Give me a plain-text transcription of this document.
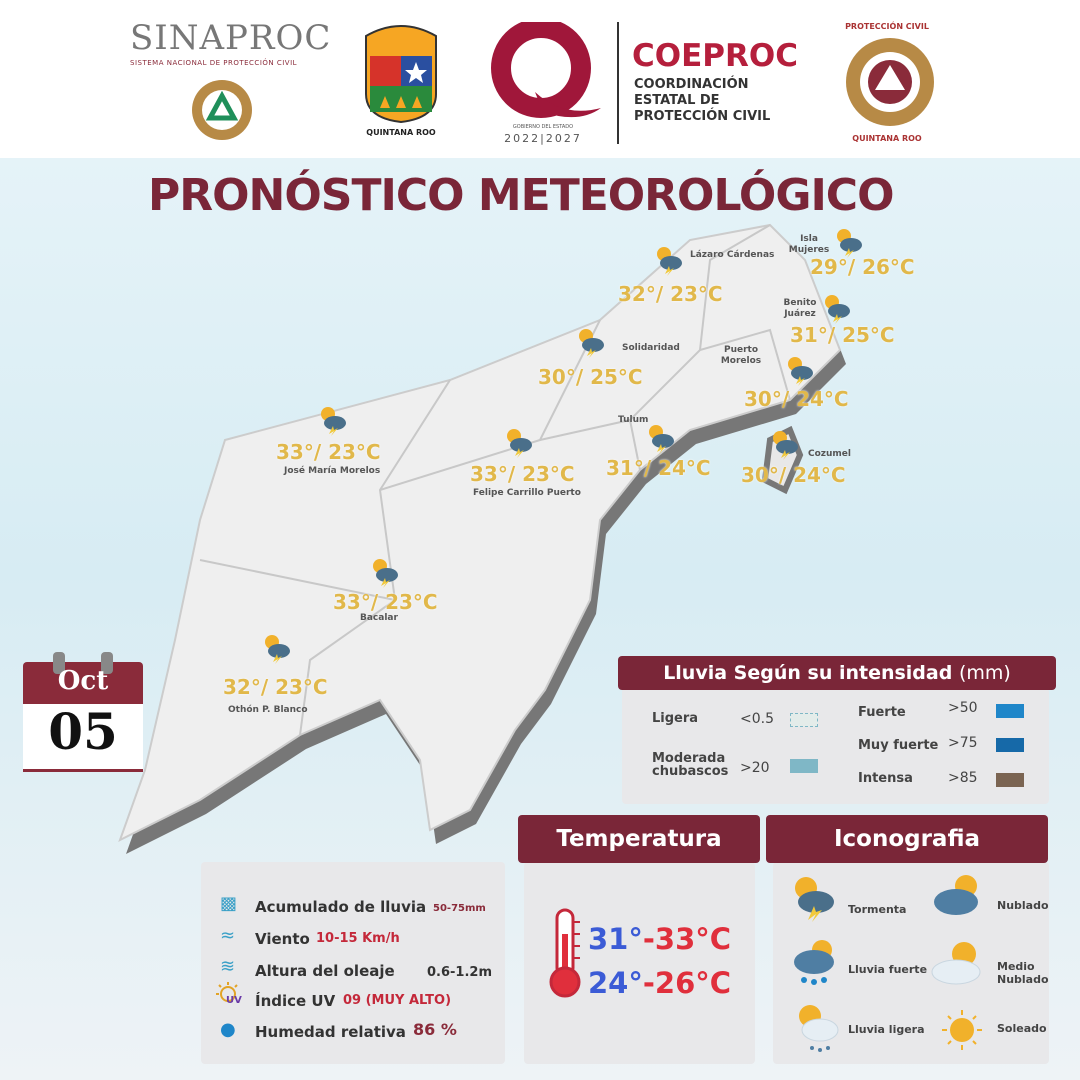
SINAPROC
SISTEMA NACIONAL DE PROTECCIÓN CIVIL
QUINTANA ROO
GOBIERNO DEL ESTADO
2022|2027
COEPROC
COORDINACIÓN ESTATAL DE PROTECCIÓN CIVIL
PROTECCIÓN CIVIL
QUINTANA ROO
PRONÓSTICO METEOROLÓGICO
Lázaro Cárdenas
32°/ 23°C
Isla Mujeres
29°/ 26°C
Benito Juárez
31°/ 25°C
Solidaridad
30°/ 25°C
Puerto Morelos
30°/ 24°C
Tulum
31°/ 24°C
Cozumel
30°/ 24°C
33°/ 23°C
José María Morelos	33°/ 23°C
Felipe Carrillo Puerto
33°/ 23°C
Bacalar
32°/ 23°C
Othón P. Blanco
Oct
05
Lluvia Según su intensidad (mm)
Ligera	<0.5
Moderada chubascos >20
Fuerte	>50
Muy fuerte >75
Intensa	>85
▩ Acumulado de lluvia 50-75mm
≈ Viento 10-15 Km/h
≋ Altura del oleaje 0.6-1.2m
UV Índice UV 09 (MUY ALTO)
● Humedad relativa 86 %
Temperatura
31°-33°C
24°-26°C
Iconografia
Tormenta	Nublado
Lluvia fuerte	Medio Nublado
Lluvia ligera	Soleado
